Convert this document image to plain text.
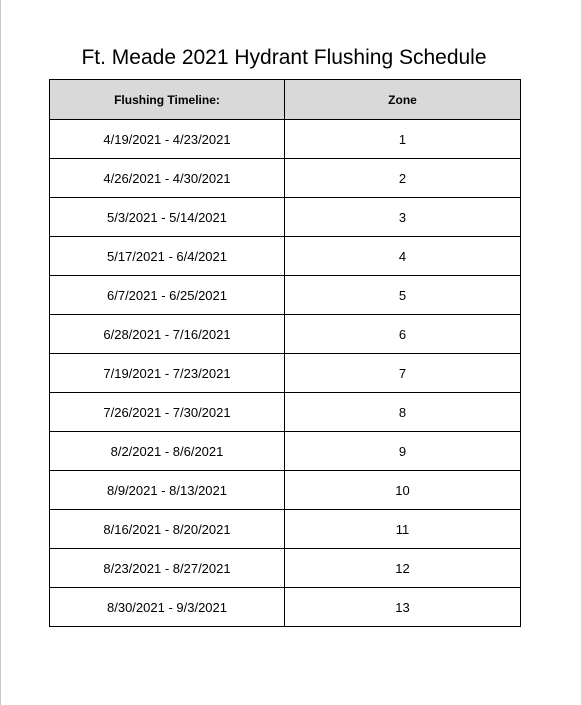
Ft. Meade 2021 Hydrant Flushing Schedule
Flushing Timeline:	Zone
4/19/2021 - 4/23/2021	1
4/26/2021 - 4/30/2021	2
5/3/2021 - 5/14/2021	3
5/17/2021 - 6/4/2021	4
6/7/2021 - 6/25/2021	5
6/28/2021 - 7/16/2021	6
7/19/2021 - 7/23/2021	7
7/26/2021 - 7/30/2021	8
8/2/2021 - 8/6/2021	9
8/9/2021 - 8/13/2021	10
8/16/2021 - 8/20/2021	11
8/23/2021 - 8/27/2021	12
8/30/2021 - 9/3/2021	13
